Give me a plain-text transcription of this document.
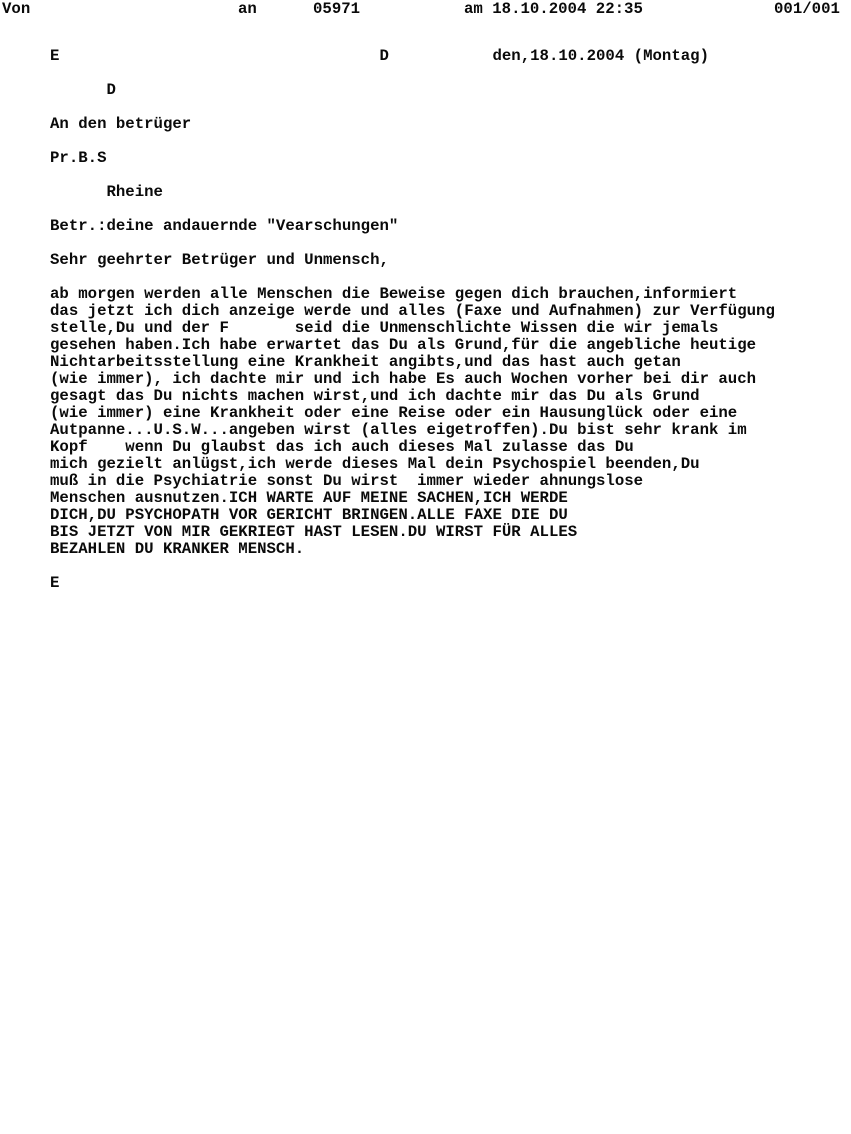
Von	an	05971	am 18.10.2004 22:35	001/001
E                                  D           den,18.10.2004 (Montag)
D
An den betrüger
Pr.B.S
Rheine
Betr.:deine andauernde "Vearschungen"
Sehr geehrter Betrüger und Unmensch,
ab morgen werden alle Menschen die Beweise gegen dich brauchen,informiert
das jetzt ich dich anzeige werde und alles (Faxe und Aufnahmen) zur Verfügung
stelle,Du und der F       seid die Unmenschlichte Wissen die wir jemals
gesehen haben.Ich habe erwartet das Du als Grund,für die angebliche heutige
Nichtarbeitsstellung eine Krankheit angibts,und das hast auch getan
(wie immer), ich dachte mir und ich habe Es auch Wochen vorher bei dir auch
gesagt das Du nichts machen wirst,und ich dachte mir das Du als Grund
(wie immer) eine Krankheit oder eine Reise oder ein Hausunglück oder eine
Autpanne...U.S.W...angeben wirst (alles eigetroffen).Du bist sehr krank im
Kopf    wenn Du glaubst das ich auch dieses Mal zulasse das Du
mich gezielt anlügst,ich werde dieses Mal dein Psychospiel beenden,Du
muß in die Psychiatrie sonst Du wirst  immer wieder ahnungslose
Menschen ausnutzen.ICH WARTE AUF MEINE SACHEN,ICH WERDE
DICH,DU PSYCHOPATH VOR GERICHT BRINGEN.ALLE FAXE DIE DU
BIS JETZT VON MIR GEKRIEGT HAST LESEN.DU WIRST FÜR ALLES
BEZAHLEN DU KRANKER MENSCH.
E
